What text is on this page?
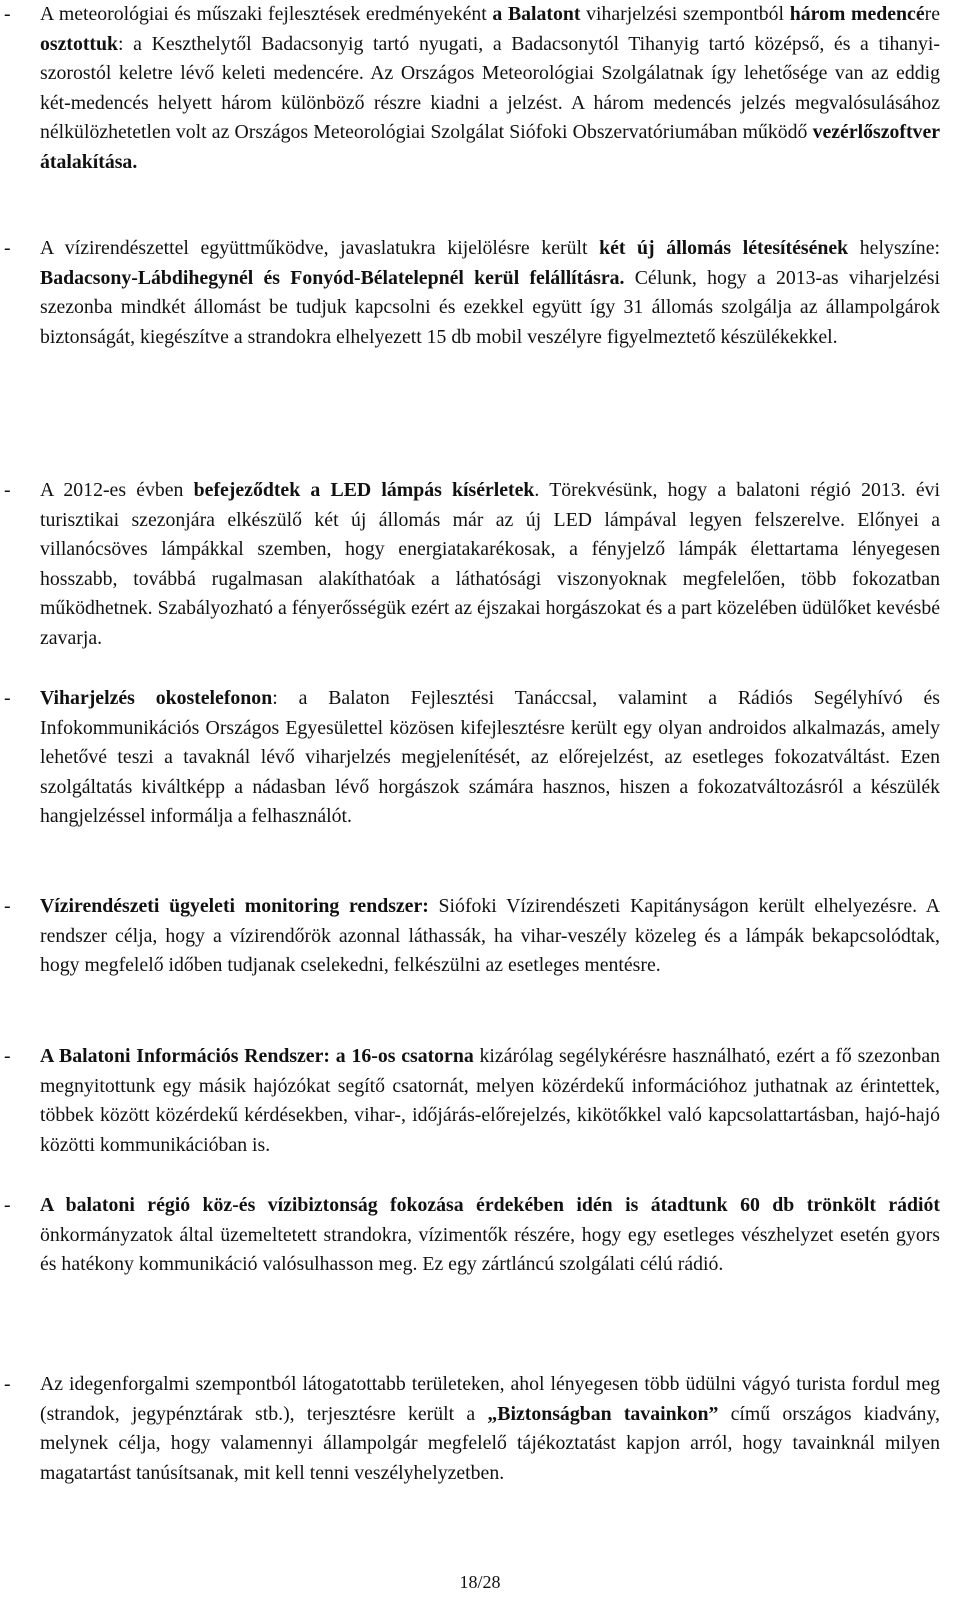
- A meteorológiai és műszaki fejlesztések eredményeként a Balatont viharjelzési szempontból három medencére osztottuk: a Keszthelytől Badacsonyig tartó nyugati, a Badacsonytól Tihanyig tartó középső, és a tihanyi-szorostól keletre lévő keleti medencére. Az Országos Meteorológiai Szolgálatnak így lehetősége van az eddig két-medencés helyett három különböző részre kiadni a jelzést. A három medencés jelzés megvalósulásához nélkülözhetetlen volt az Országos Meteorológiai Szolgálat Siófoki Obszervatóriumában működő vezérlőszoftver átalakítása.
- A vízirendészettel együttműködve, javaslatukra kijelölésre került két új állomás létesítésének helyszíne: Badacsony-Lábdihegynél és Fonyód-Bélatelepnél kerül felállításra. Célunk, hogy a 2013-as viharjelzési szezonba mindkét állomást be tudjuk kapcsolni és ezekkel együtt így 31 állomás szolgálja az állampolgárok biztonságát, kiegészítve a strandokra elhelyezett 15 db mobil veszélyre figyelmeztető készülékekkel.
- A 2012-es évben befejeződtek a LED lámpás kísérletek. Törekvésünk, hogy a balatoni régió 2013. évi turisztikai szezonjára elkészülő két új állomás már az új LED lámpával legyen felszerelve. Előnyei a villanócsöves lámpákkal szemben, hogy energiatakarékosak, a fényjelző lámpák élettartama lényegesen hosszabb, továbbá rugalmasan alakíthatóak a láthatósági viszonyoknak megfelelően, több fokozatban működhetnek. Szabályozható a fényerősségük ezért az éjszakai horgászokat és a part közelében üdülőket kevésbé zavarja.
- Viharjelzés okostelefonon: a Balaton Fejlesztési Tanáccsal, valamint a Rádiós Segélyhívó és Infokommunikációs Országos Egyesülettel közösen kifejlesztésre került egy olyan androidos alkalmazás, amely lehetővé teszi a tavaknál lévő viharjelzés megjelenítését, az előrejelzést, az esetleges fokozatváltást. Ezen szolgáltatás kiváltképp a nádasban lévő horgászok számára hasznos, hiszen a fokozatváltozásról a készülék hangjelzéssel informálja a felhasználót.
- Vízirendészeti ügyeleti monitoring rendszer: Siófoki Vízirendészeti Kapitányságon került elhelyezésre. A rendszer célja, hogy a vízirendőrök azonnal láthassák, ha vihar-veszély közeleg és a lámpák bekapcsolódtak, hogy megfelelő időben tudjanak cselekedni, felkészülni az esetleges mentésre.
- A Balatoni Információs Rendszer: a 16-os csatorna kizárólag segélykérésre használható, ezért a fő szezonban megnyitottunk egy másik hajózókat segítő csatornát, melyen közérdekű információhoz juthatnak az érintettek, többek között közérdekű kérdésekben, vihar-, időjárás-előrejelzés, kikötőkkel való kapcsolattartásban, hajó-hajó közötti kommunikációban is.
- A balatoni régió köz-és vízibiztonság fokozása érdekében idén is átadtunk 60 db trönkölt rádiót önkormányzatok által üzemeltetett strandokra, vízimentők részére, hogy egy esetleges vészhelyzet esetén gyors és hatékony kommunikáció valósulhasson meg. Ez egy zártláncú szolgálati célú rádió.
- Az idegenforgalmi szempontból látogatottabb területeken, ahol lényegesen több üdülni vágyó turista fordul meg (strandok, jegypénztárak stb.), terjesztésre került a „Biztonságban tavainkon” című országos kiadvány, melynek célja, hogy valamennyi állampolgár megfelelő tájékoztatást kapjon arról, hogy tavainknál milyen magatartást tanúsítsanak, mit kell tenni veszélyhelyzetben.
18/28
